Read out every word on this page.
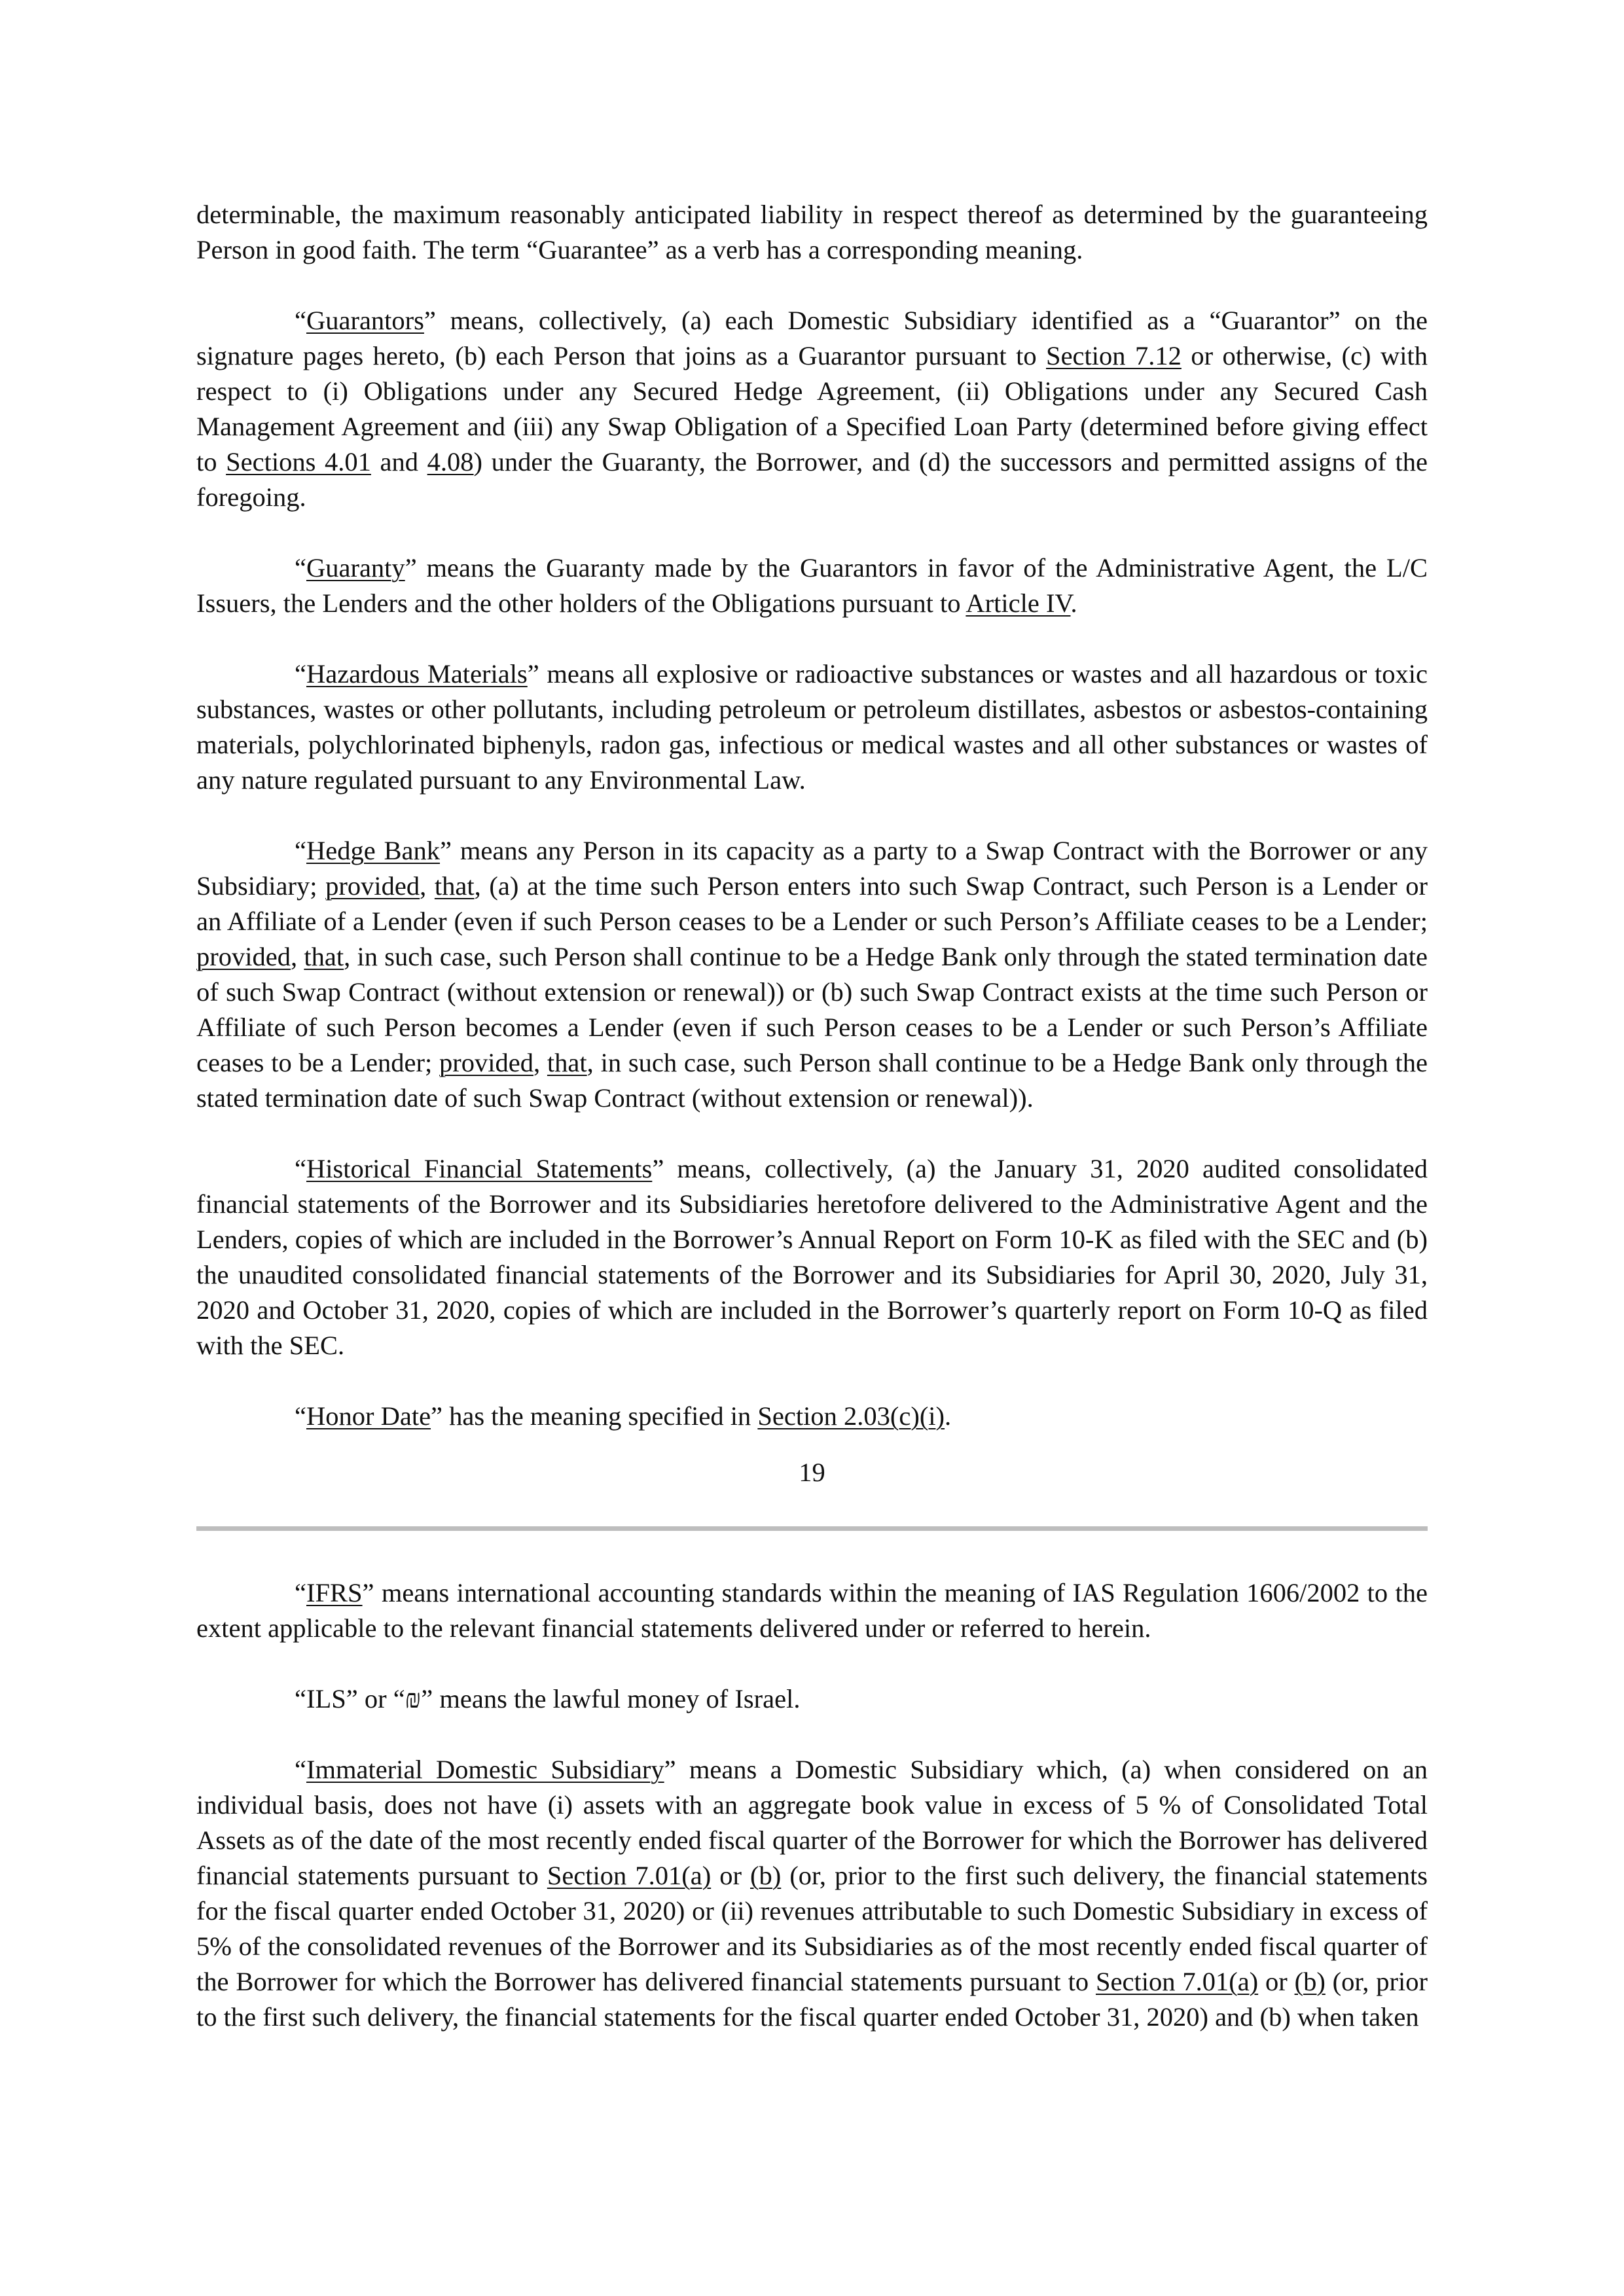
determinable, the maximum reasonably anticipated liability in respect thereof as determined by the guaranteeing Person in good faith. The term “Guarantee” as a verb has a corresponding meaning.

“Guarantors” means, collectively, (a) each Domestic Subsidiary identified as a “Guarantor” on the signature pages hereto, (b) each Person that joins as a Guarantor pursuant to Section 7.12 or otherwise, (c) with respect to (i) Obligations under any Secured Hedge Agreement, (ii) Obligations under any Secured Cash Management Agreement and (iii) any Swap Obligation of a Specified Loan Party (determined before giving effect to Sections 4.01 and 4.08) under the Guaranty, the Borrower, and (d) the successors and permitted assigns of the foregoing.

“Guaranty” means the Guaranty made by the Guarantors in favor of the Administrative Agent, the L/C Issuers, the Lenders and the other holders of the Obligations pursuant to Article IV.

“Hazardous Materials” means all explosive or radioactive substances or wastes and all hazardous or toxic substances, wastes or other pollutants, including petroleum or petroleum distillates, asbestos or asbestos-containing materials, polychlorinated biphenyls, radon gas, infectious or medical wastes and all other substances or wastes of any nature regulated pursuant to any Environmental Law.

“Hedge Bank” means any Person in its capacity as a party to a Swap Contract with the Borrower or any Subsidiary; provided, that, (a) at the time such Person enters into such Swap Contract, such Person is a Lender or an Affiliate of a Lender (even if such Person ceases to be a Lender or such Person’s Affiliate ceases to be a Lender; provided, that, in such case, such Person shall continue to be a Hedge Bank only through the stated termination date of such Swap Contract (without extension or renewal)) or (b) such Swap Contract exists at the time such Person or Affiliate of such Person becomes a Lender (even if such Person ceases to be a Lender or such Person’s Affiliate ceases to be a Lender; provided, that, in such case, such Person shall continue to be a Hedge Bank only through the stated termination date of such Swap Contract (without extension or renewal)).

“Historical Financial Statements” means, collectively, (a) the January 31, 2020 audited consolidated financial statements of the Borrower and its Subsidiaries heretofore delivered to the Administrative Agent and the Lenders, copies of which are included in the Borrower’s Annual Report on Form 10-K as filed with the SEC and (b) the unaudited consolidated financial statements of the Borrower and its Subsidiaries for April 30, 2020, July 31, 2020 and October 31, 2020, copies of which are included in the Borrower’s quarterly report on Form 10-Q as filed with the SEC.

“Honor Date” has the meaning specified in Section 2.03(c)(i).

19

“IFRS” means international accounting standards within the meaning of IAS Regulation 1606/2002 to the extent applicable to the relevant financial statements delivered under or referred to herein.

“ILS” or “₪” means the lawful money of Israel.

“Immaterial Domestic Subsidiary” means a Domestic Subsidiary which, (a) when considered on an individual basis, does not have (i) assets with an aggregate book value in excess of 5 % of Consolidated Total Assets as of the date of the most recently ended fiscal quarter of the Borrower for which the Borrower has delivered financial statements pursuant to Section 7.01(a) or (b) (or, prior to the first such delivery, the financial statements for the fiscal quarter ended October 31, 2020) or (ii) revenues attributable to such Domestic Subsidiary in excess of 5% of the consolidated revenues of the Borrower and its Subsidiaries as of the most recently ended fiscal quarter of the Borrower for which the Borrower has delivered financial statements pursuant to Section 7.01(a) or (b) (or, prior to the first such delivery, the financial statements for the fiscal quarter ended October 31, 2020) and (b) when taken
